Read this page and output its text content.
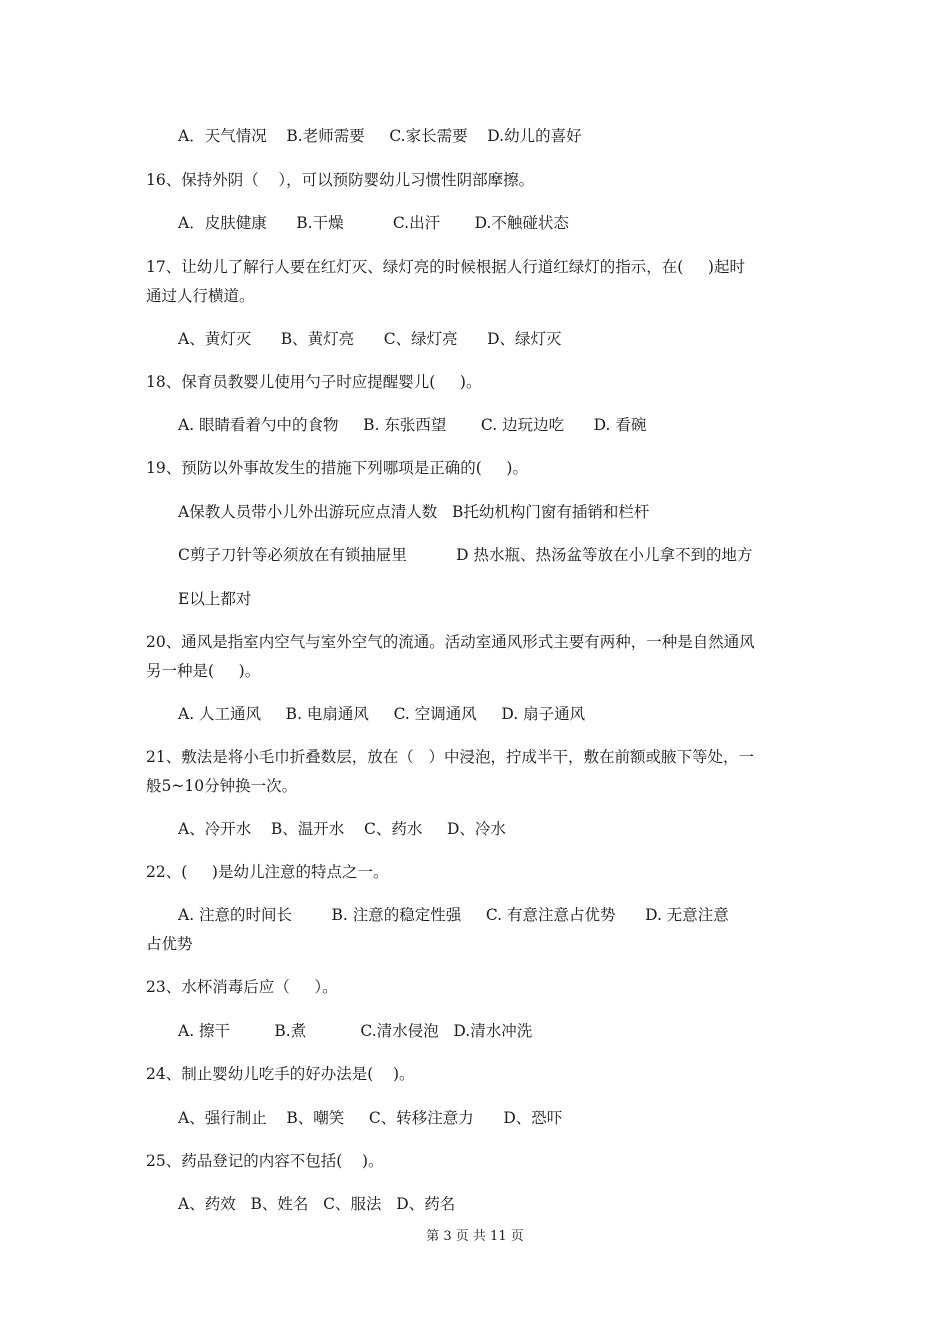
A．天气情况    B.老师需要     C.家长需要    D.幼儿的喜好
16、保持外阴（    ），可以预防婴幼儿习惯性阴部摩擦。
A．皮肤健康      B.干燥          C.出汗       D.不触碰状态
17、让幼儿了解行人要在红灯灭、绿灯亮的时候根据人行道红绿灯的指示，在(     )起时
通过人行横道。
A、黄灯灭      B、黄灯亮      C、绿灯亮      D、绿灯灭
18、保育员教婴儿使用勺子时应提醒婴儿(     )。
A. 眼睛看着勺中的食物     B. 东张西望       C. 边玩边吃      D. 看碗
19、预防以外事故发生的措施下列哪项是正确的(     )。
A保教人员带小儿外出游玩应点清人数   B托幼机构门窗有插销和栏杆
C剪子刀针等必须放在有锁抽屉里          D 热水瓶、热汤盆等放在小儿拿不到的地方
E以上都对
20、通风是指室内空气与室外空气的流通。活动室通风形式主要有两种，一种是自然通风
另一种是(     )。
A. 人工通风     B. 电扇通风     C. 空调通风     D. 扇子通风
21、敷法是将小毛巾折叠数层，放在（   ）中浸泡，拧成半干，敷在前额或腋下等处，一
般5~10分钟换一次。
A、冷开水    B、温开水    C、药水     D、冷水
22、(     )是幼儿注意的特点之一。
A. 注意的时间长        B. 注意的稳定性强     C. 有意注意占优势      D. 无意注意
占优势
23、水杯消毒后应（     ）。
A. 擦干         B.煮           C.清水侵泡   D.清水冲洗
24、制止婴幼儿吃手的好办法是(    )。
A、强行制止    B、嘲笑     C、转移注意力      D、恐吓
25、药品登记的内容不包括(    )。
A、药效   B、姓名   C、服法   D、药名
第 3 页 共 11 页
